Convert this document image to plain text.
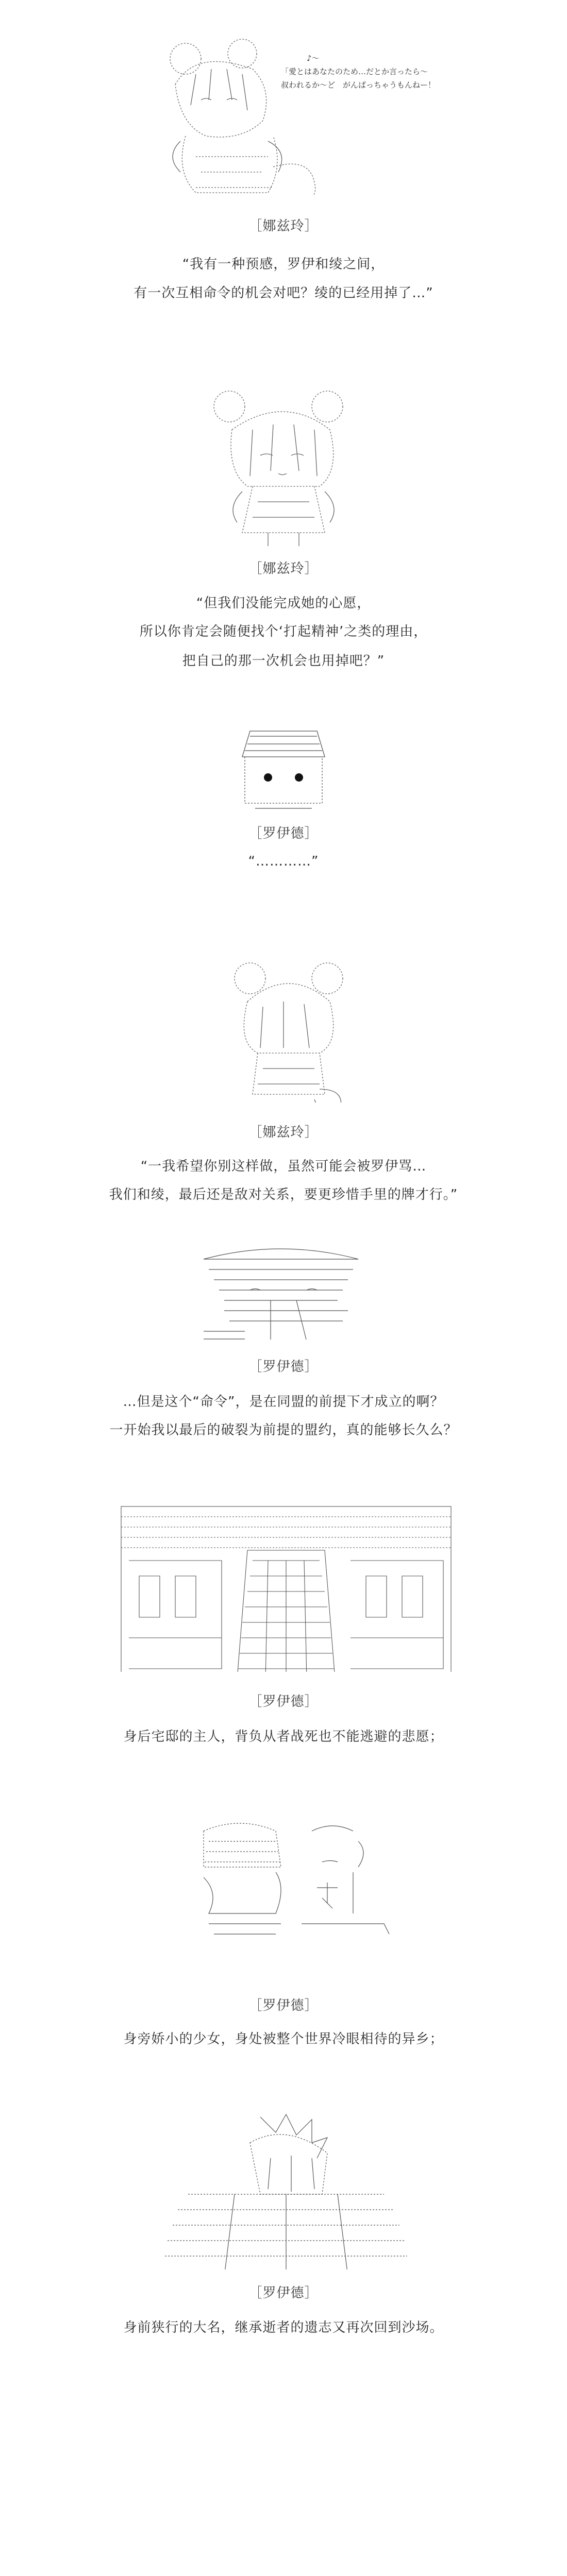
♪～
「愛とはあなたのため…だとか言ったら～
叔われるか～ど　がんばっちゃうもんねー！
［娜兹玲］
“我有一种预感，罗伊和绫之间，
有一次互相命令的机会对吧？绫的已经用掉了…”

［娜兹玲］
“但我们没能完成她的心愿，
所以你肯定会随便找个‘打起精神’之类的理由，
把自己的那一次机会也用掉吧？”

［罗伊德］
“…………”

［娜兹玲］
“一我希望你别这样做，虽然可能会被罗伊骂…
我们和绫，最后还是敌对关系，要更珍惜手里的牌才行。”

［罗伊德］
…但是这个“命令”，是在同盟的前提下才成立的啊？
一开始我以最后的破裂为前提的盟约，真的能够长久么？

［罗伊德］
身后宅邸的主人，背负从者战死也不能逃避的悲愿；

［罗伊德］
身旁娇小的少女，身处被整个世界冷眼相待的异乡；

［罗伊德］
身前狭行的大名，继承逝者的遗志又再次回到沙场。
